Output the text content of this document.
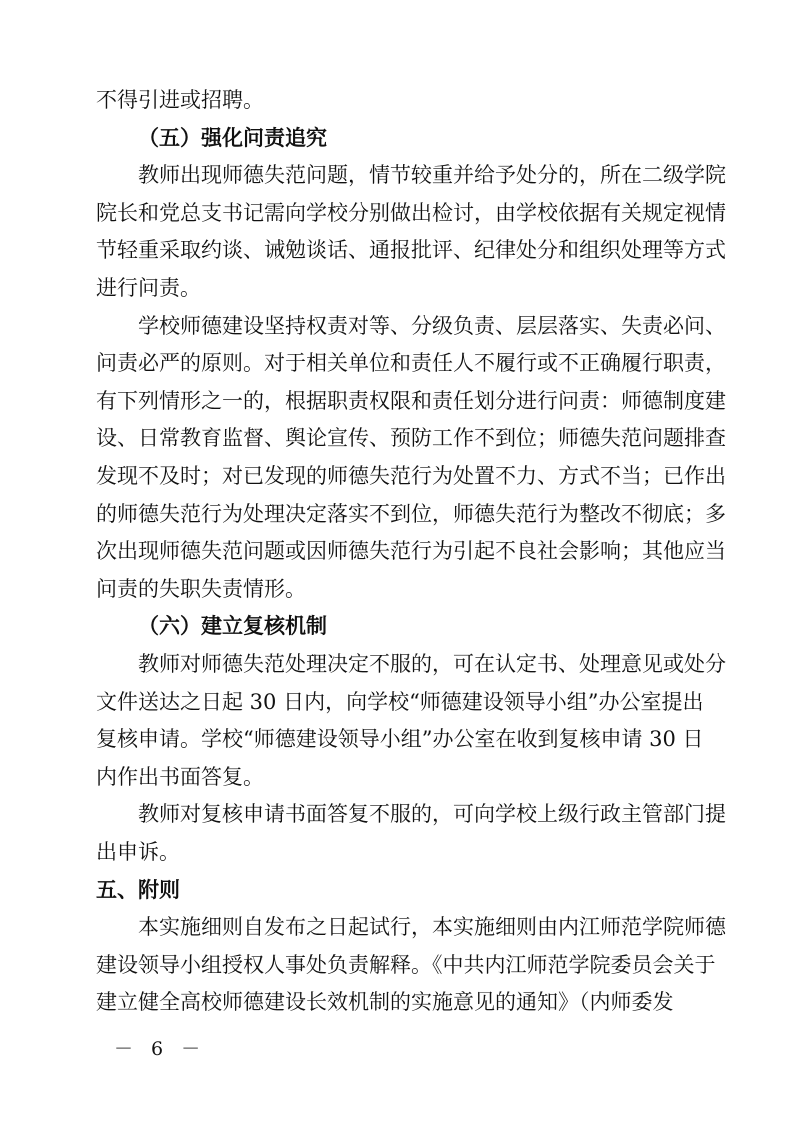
不得引进或招聘。
（五）强化问责追究
教师出现师德失范问题，情节较重并给予处分的，所在二级学院
院长和党总支书记需向学校分别做出检讨，由学校依据有关规定视情
节轻重采取约谈、诫勉谈话、通报批评、纪律处分和组织处理等方式
进行问责。
学校师德建设坚持权责对等、分级负责、层层落实、失责必问、
问责必严的原则。对于相关单位和责任人不履行或不正确履行职责，
有下列情形之一的，根据职责权限和责任划分进行问责：师德制度建
设、日常教育监督、舆论宣传、预防工作不到位；师德失范问题排查
发现不及时；对已发现的师德失范行为处置不力、方式不当；已作出
的师德失范行为处理决定落实不到位，师德失范行为整改不彻底；多
次出现师德失范问题或因师德失范行为引起不良社会影响；其他应当
问责的失职失责情形。
（六）建立复核机制
教师对师德失范处理决定不服的，可在认定书、处理意见或处分
文件送达之日起 30 日内，向学校“师德建设领导小组”办公室提出
复核申请。学校“师德建设领导小组”办公室在收到复核申请 30 日
内作出书面答复。
教师对复核申请书面答复不服的，可向学校上级行政主管部门提
出申诉。
五、附则
本实施细则自发布之日起试行，本实施细则由内江师范学院师德
建设领导小组授权人事处负责解释。《中共内江师范学院委员会关于
建立健全高校师德建设长效机制的实施意见的通知》（内师委发
－ 6 －
